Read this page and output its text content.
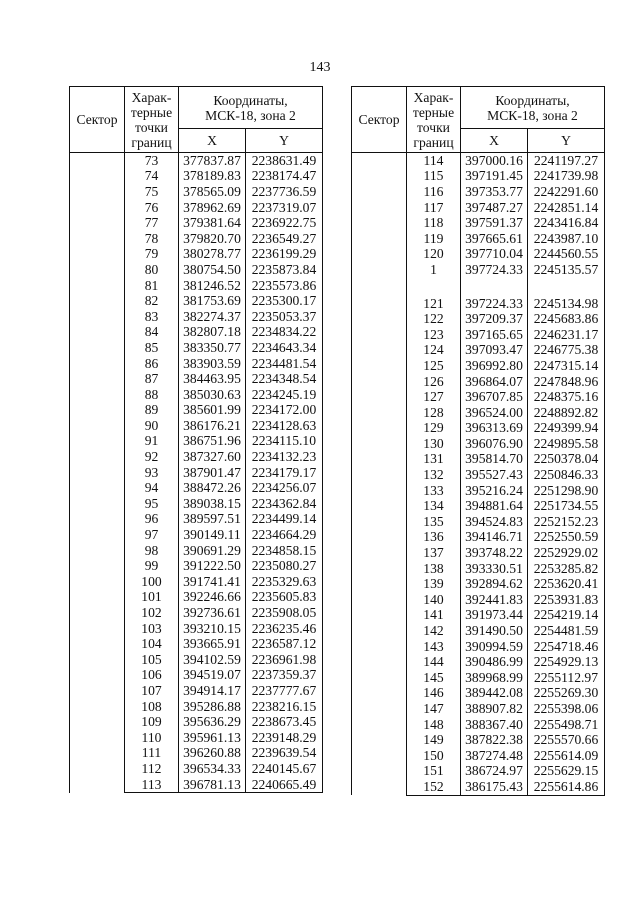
143
Сектор	Харак-
терные
точки
границ	Координаты,
МСК-18, зона 2	
		X	Y
	73	377837.87	2238631.49
	74	378189.83	2238174.47
	75	378565.09	2237736.59
	76	378962.69	2237319.07
	77	379381.64	2236922.75
	78	379820.70	2236549.27
	79	380278.77	2236199.29
	80	380754.50	2235873.84
	81	381246.52	2235573.86
	82	381753.69	2235300.17
	83	382274.37	2235053.37
	84	382807.18	2234834.22
	85	383350.77	2234643.34
	86	383903.59	2234481.54
	87	384463.95	2234348.54
	88	385030.63	2234245.19
	89	385601.99	2234172.00
	90	386176.21	2234128.63
	91	386751.96	2234115.10
	92	387327.60	2234132.23
	93	387901.47	2234179.17
	94	388472.26	2234256.07
	95	389038.15	2234362.84
	96	389597.51	2234499.14
	97	390149.11	2234664.29
	98	390691.29	2234858.15
	99	391222.50	2235080.27
	100	391741.41	2235329.63
	101	392246.66	2235605.83
	102	392736.61	2235908.05
	103	393210.15	2236235.46
	104	393665.91	2236587.12
	105	394102.59	2236961.98
	106	394519.07	2237359.37
	107	394914.17	2237777.67
	108	395286.88	2238216.15
	109	395636.29	2238673.45
	110	395961.13	2239148.29
	111	396260.88	2239639.54
	112	396534.33	2240145.67
	113	396781.13	2240665.49
Сектор	Харак-
терные
точки
границ	Координаты,
МСК-18, зона 2	
		X	Y
	114	397000.16	2241197.27
	115	397191.45	2241739.98
	116	397353.77	2242291.60
	117	397487.27	2242851.14
	118	397591.37	2243416.84
	119	397665.61	2243987.10
	120	397710.04	2244560.55
	1	397724.33	2245135.57

	121	397224.33	2245134.98
	122	397209.37	2245683.86
	123	397165.65	2246231.17
	124	397093.47	2246775.38
	125	396992.80	2247315.14
	126	396864.07	2247848.96
	127	396707.85	2248375.16
	128	396524.00	2248892.82
	129	396313.69	2249399.94
	130	396076.90	2249895.58
	131	395814.70	2250378.04
	132	395527.43	2250846.33
	133	395216.24	2251298.90
	134	394881.64	2251734.55
	135	394524.83	2252152.23
	136	394146.71	2252550.59
	137	393748.22	2252929.02
	138	393330.51	2253285.82
	139	392894.62	2253620.41
	140	392441.83	2253931.83
	141	391973.44	2254219.14
	142	391490.50	2254481.59
	143	390994.59	2254718.46
	144	390486.99	2254929.13
	145	389968.99	2255112.97
	146	389442.08	2255269.30
	147	388907.82	2255398.06
	148	388367.40	2255498.71
	149	387822.38	2255570.66
	150	387274.48	2255614.09
	151	386724.97	2255629.15
	152	386175.43	2255614.86
